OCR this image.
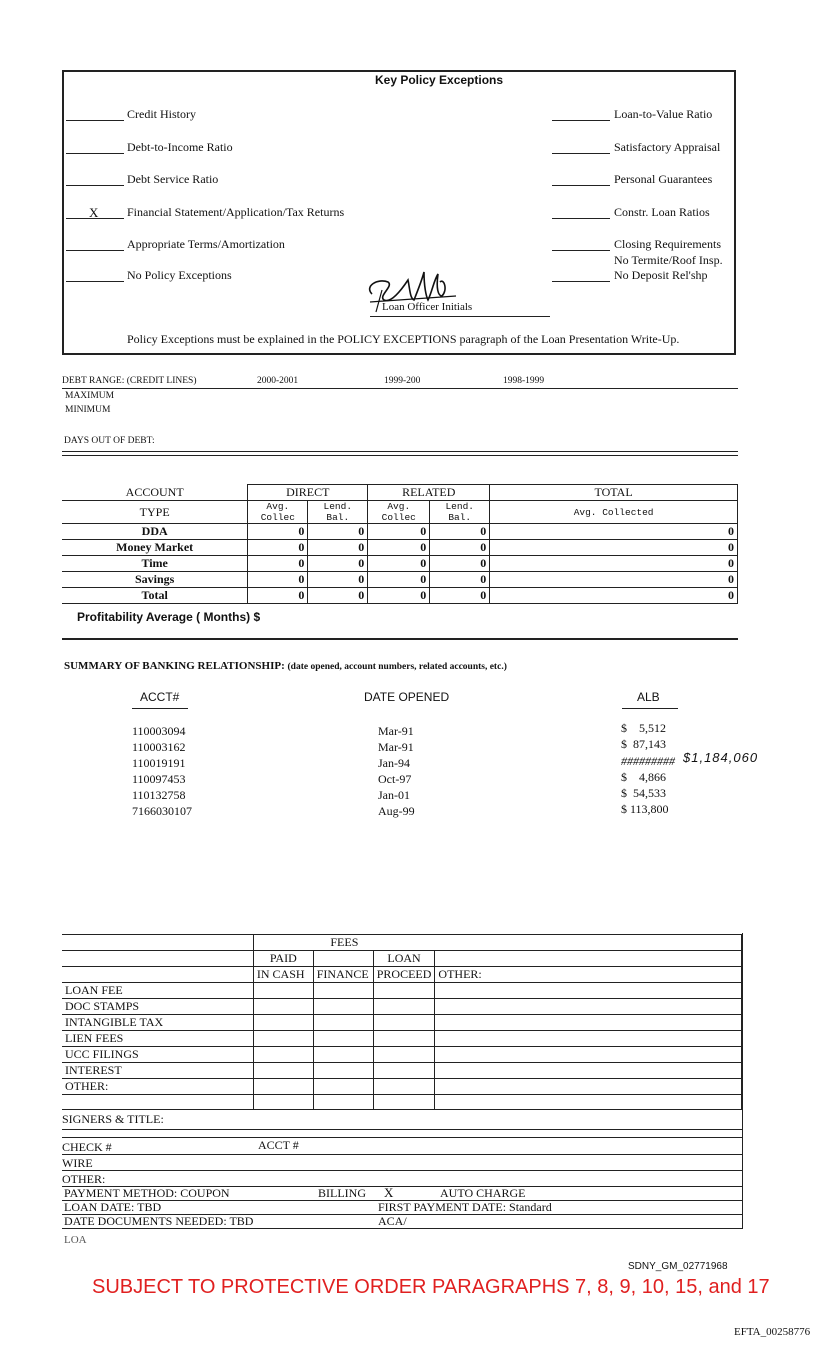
Key Policy Exceptions
Credit History
Debt-to-Income Ratio
Debt Service Ratio
X Financial Statement/Application/Tax Returns
Appropriate Terms/Amortization
No Policy Exceptions
Loan-to-Value Ratio
Satisfactory Appraisal
Personal Guarantees
Constr. Loan Ratios
Closing Requirements
No Termite/Roof Insp.
No Deposit Rel'shp
Loan Officer Initials
Policy Exceptions must be explained in the POLICY EXCEPTIONS paragraph of the Loan Presentation Write-Up.
DEBT RANGE: (CREDIT LINES)	2000-2001	1999-200	1998-1999
MAXIMUM
MINIMUM
DAYS OUT OF DEBT:
ACCOUNT	DIRECT		RELATED		TOTAL
TYPE	Avg. Collec	Lend. Bal.	Avg. Collec	Lend. Bal.	Avg. Collected
DDA	0	0	0	0	0
Money Market	0	0	0	0	0
Time	0	0	0	0	0
Savings	0	0	0	0	0
Total	0	0	0	0	0
Profitability Average ( Months) $
SUMMARY OF BANKING RELATIONSHIP: (date opened, account numbers, related accounts, etc.)
ACCT#	DATE OPENED	ALB
110003094	Mar-91	$    5,512
110003162	Mar-91	$  87,143
110019191	Jan-94	######### $1,184,060
110097453	Oct-97	$    4,866
110132758	Jan-01	$  54,533
7166030107	Aug-99	$ 113,800
	FEES			
	PAID		LOAN	
	IN CASH	FINANCE	PROCEED	OTHER:
LOAN FEE				
DOC STAMPS				
INTANGIBLE TAX				
LIEN FEES				
UCC FILINGS				
INTEREST				
OTHER:				

SIGNERS & TITLE:
CHECK #	ACCT #
WIRE
OTHER:
PAYMENT METHOD: COUPON	BILLING X	AUTO CHARGE
LOAN DATE: TBD	FIRST PAYMENT DATE: Standard
DATE DOCUMENTS NEEDED: TBD	ACA/
LOA
SDNY_GM_02771968
SUBJECT TO PROTECTIVE ORDER PARAGRAPHS 7, 8, 9, 10, 15, and 17
EFTA_00258776
